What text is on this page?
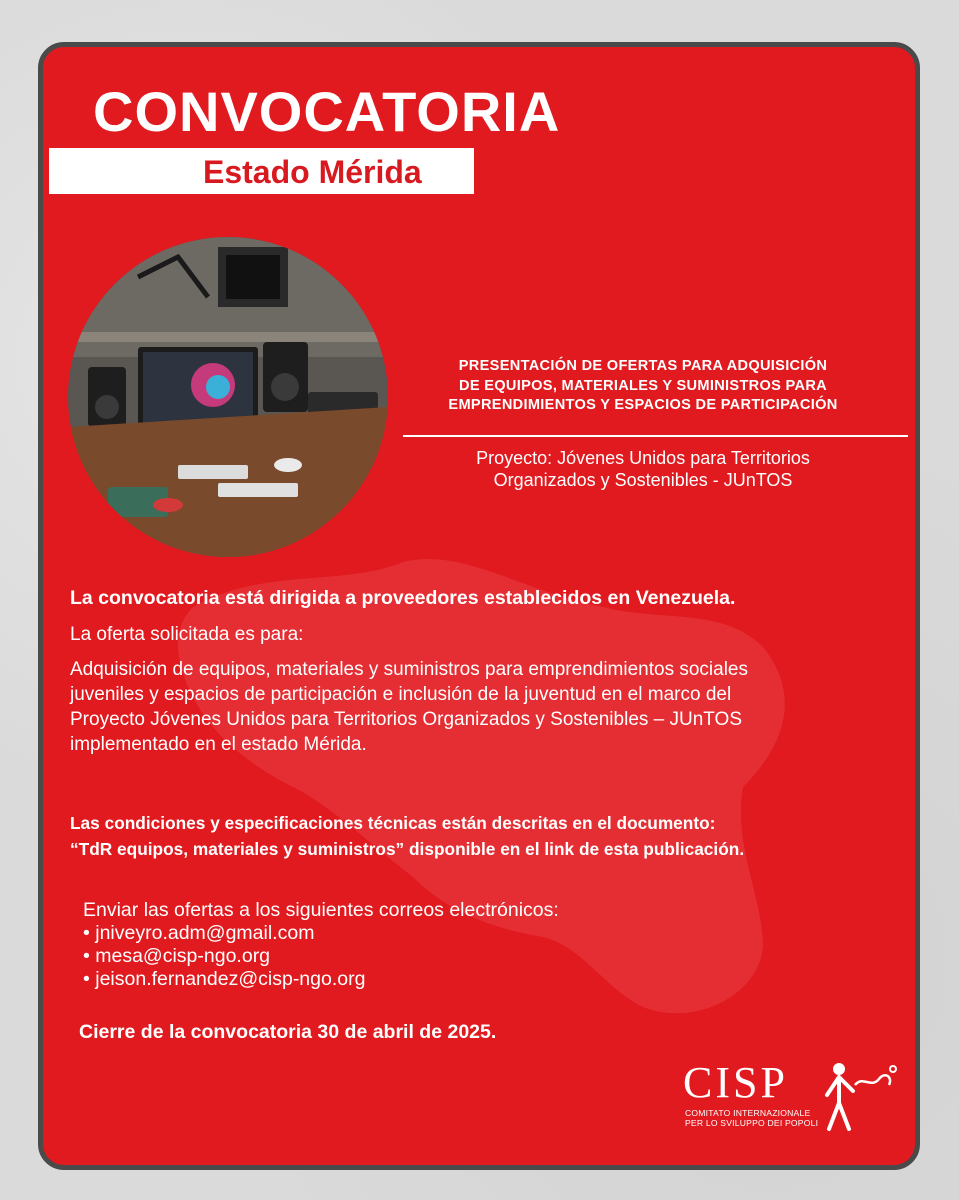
CONVOCATORIA
Estado Mérida
PRESENTACIÓN DE OFERTAS PARA ADQUISICIÓN
DE EQUIPOS, MATERIALES Y SUMINISTROS PARA
EMPRENDIMIENTOS Y ESPACIOS DE PARTICIPACIÓN
Proyecto: Jóvenes Unidos para Territorios
Organizados y Sostenibles - JUnTOS

La convocatoria está dirigida a proveedores establecidos en Venezuela.

La oferta solicitada es para:

Adquisición de equipos, materiales y suministros para emprendimientos sociales
juveniles y espacios de participación e inclusión de la juventud en el marco del
Proyecto Jóvenes Unidos para Territorios Organizados y Sostenibles – JUnTOS
implementado en el estado Mérida.
Las condiciones y especificaciones técnicas están descritas en el documento:
“TdR equipos, materiales y suministros” disponible en el link de esta publicación.
Enviar las ofertas a los siguientes correos electrónicos:
• jniveyro.adm@gmail.com
• mesa@cisp-ngo.org
• jeison.fernandez@cisp-ngo.org

Cierre de la convocatoria 30 de abril de 2025.

CISP
COMITATO INTERNAZIONALE
PER LO SVILUPPO DEI POPOLI
